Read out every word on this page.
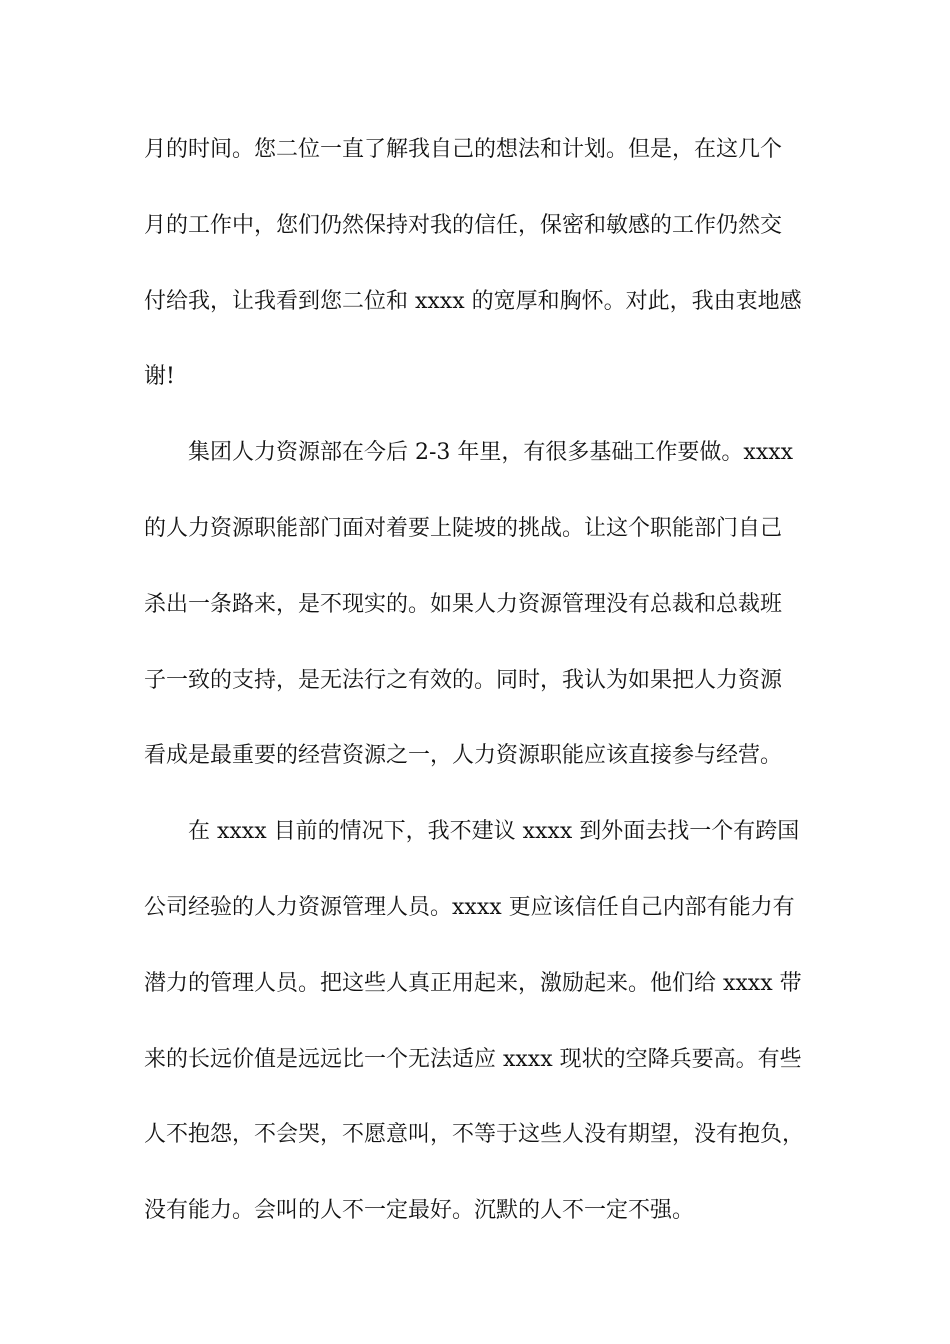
月的时间。您二位一直了解我自己的想法和计划。但是，在这几个
月的工作中，您们仍然保持对我的信任，保密和敏感的工作仍然交
付给我，让我看到您二位和 xxxx 的宽厚和胸怀。对此，我由衷地感
谢!
集团人力资源部在今后 2-3 年里，有很多基础工作要做。xxxx
的人力资源职能部门面对着要上陡坡的挑战。让这个职能部门自己
杀出一条路来，是不现实的。如果人力资源管理没有总裁和总裁班
子一致的支持，是无法行之有效的。同时，我认为如果把人力资源
看成是最重要的经营资源之一，人力资源职能应该直接参与经营。
在 xxxx 目前的情况下，我不建议 xxxx 到外面去找一个有跨国
公司经验的人力资源管理人员。xxxx 更应该信任自己内部有能力有
潜力的管理人员。把这些人真正用起来，激励起来。他们给 xxxx 带
来的长远价值是远远比一个无法适应 xxxx 现状的空降兵要高。有些
人不抱怨，不会哭，不愿意叫，不等于这些人没有期望，没有抱负，
没有能力。会叫的人不一定最好。沉默的人不一定不强。
